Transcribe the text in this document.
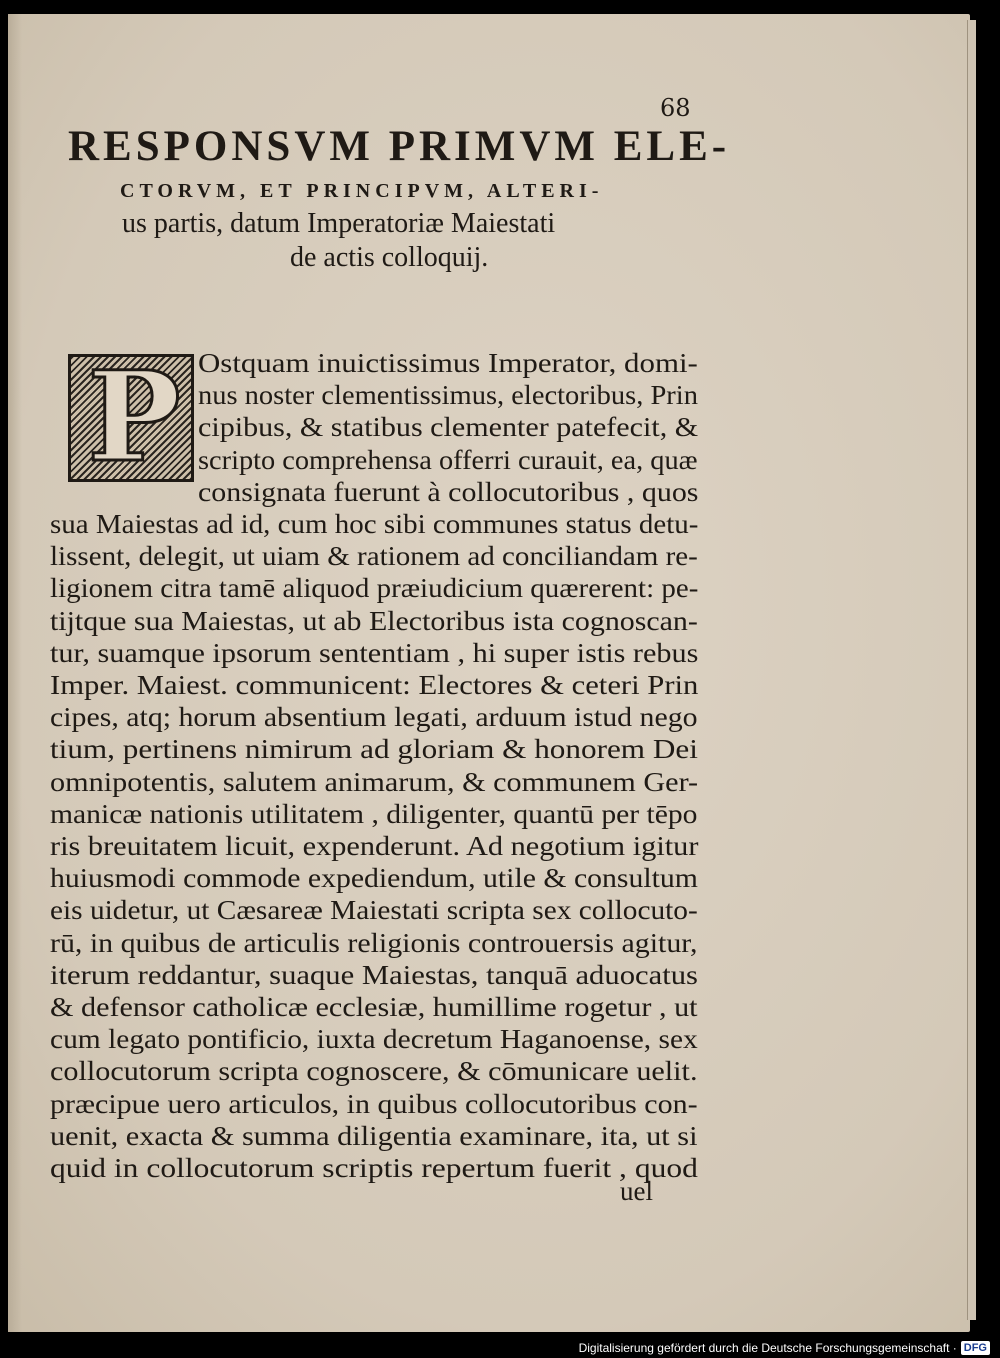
68
RESPONSVM PRIMVM ELE-
CTORVM, ET PRINCIPVM, ALTERI-
us partis, datum Imperatoriæ Maiestati
de actis colloquij.
P Ostquam inuictissimus Imperator, domi-
nus noster clementissimus, electoribus, Prin
cipibus, & statibus clementer patefecit, &
scripto comprehensa offerri curauit, ea, quæ
consignata fuerunt à collocutoribus , quos
sua Maiestas ad id, cum hoc sibi communes status detu-
lissent, delegit, ut uiam & rationem ad conciliandam re-
ligionem citra tamē aliquod præiudicium quærerent: pe-
tijtque sua Maiestas, ut ab Electoribus ista cognoscan-
tur, suamque ipsorum sententiam , hi super istis rebus
Imper. Maiest. communicent: Electores & ceteri Prin
cipes, atq; horum absentium legati, arduum istud nego
tium, pertinens nimirum ad gloriam & honorem Dei
omnipotentis, salutem animarum, & communem Ger-
manicæ nationis utilitatem , diligenter, quantū per tēpo
ris breuitatem licuit, expenderunt. Ad negotium igitur
huiusmodi commode expediendum, utile & consultum
eis uidetur, ut Cæsareæ Maiestati scripta sex collocuto-
rū, in quibus de articulis religionis controuersis agitur,
iterum reddantur, suaque Maiestas, tanquā aduocatus
& defensor catholicæ ecclesiæ, humillime rogetur , ut
cum legato pontificio, iuxta decretum Haganoense, sex
collocutorum scripta cognoscere, & cōmunicare uelit.
præcipue uero articulos, in quibus collocutoribus con-
uenit, exacta & summa diligentia examinare, ita, ut si
quid in collocutorum scriptis repertum fuerit , quod
uel
Digitalisierung gefördert durch die Deutsche Forschungsgemeinschaft · DFG
